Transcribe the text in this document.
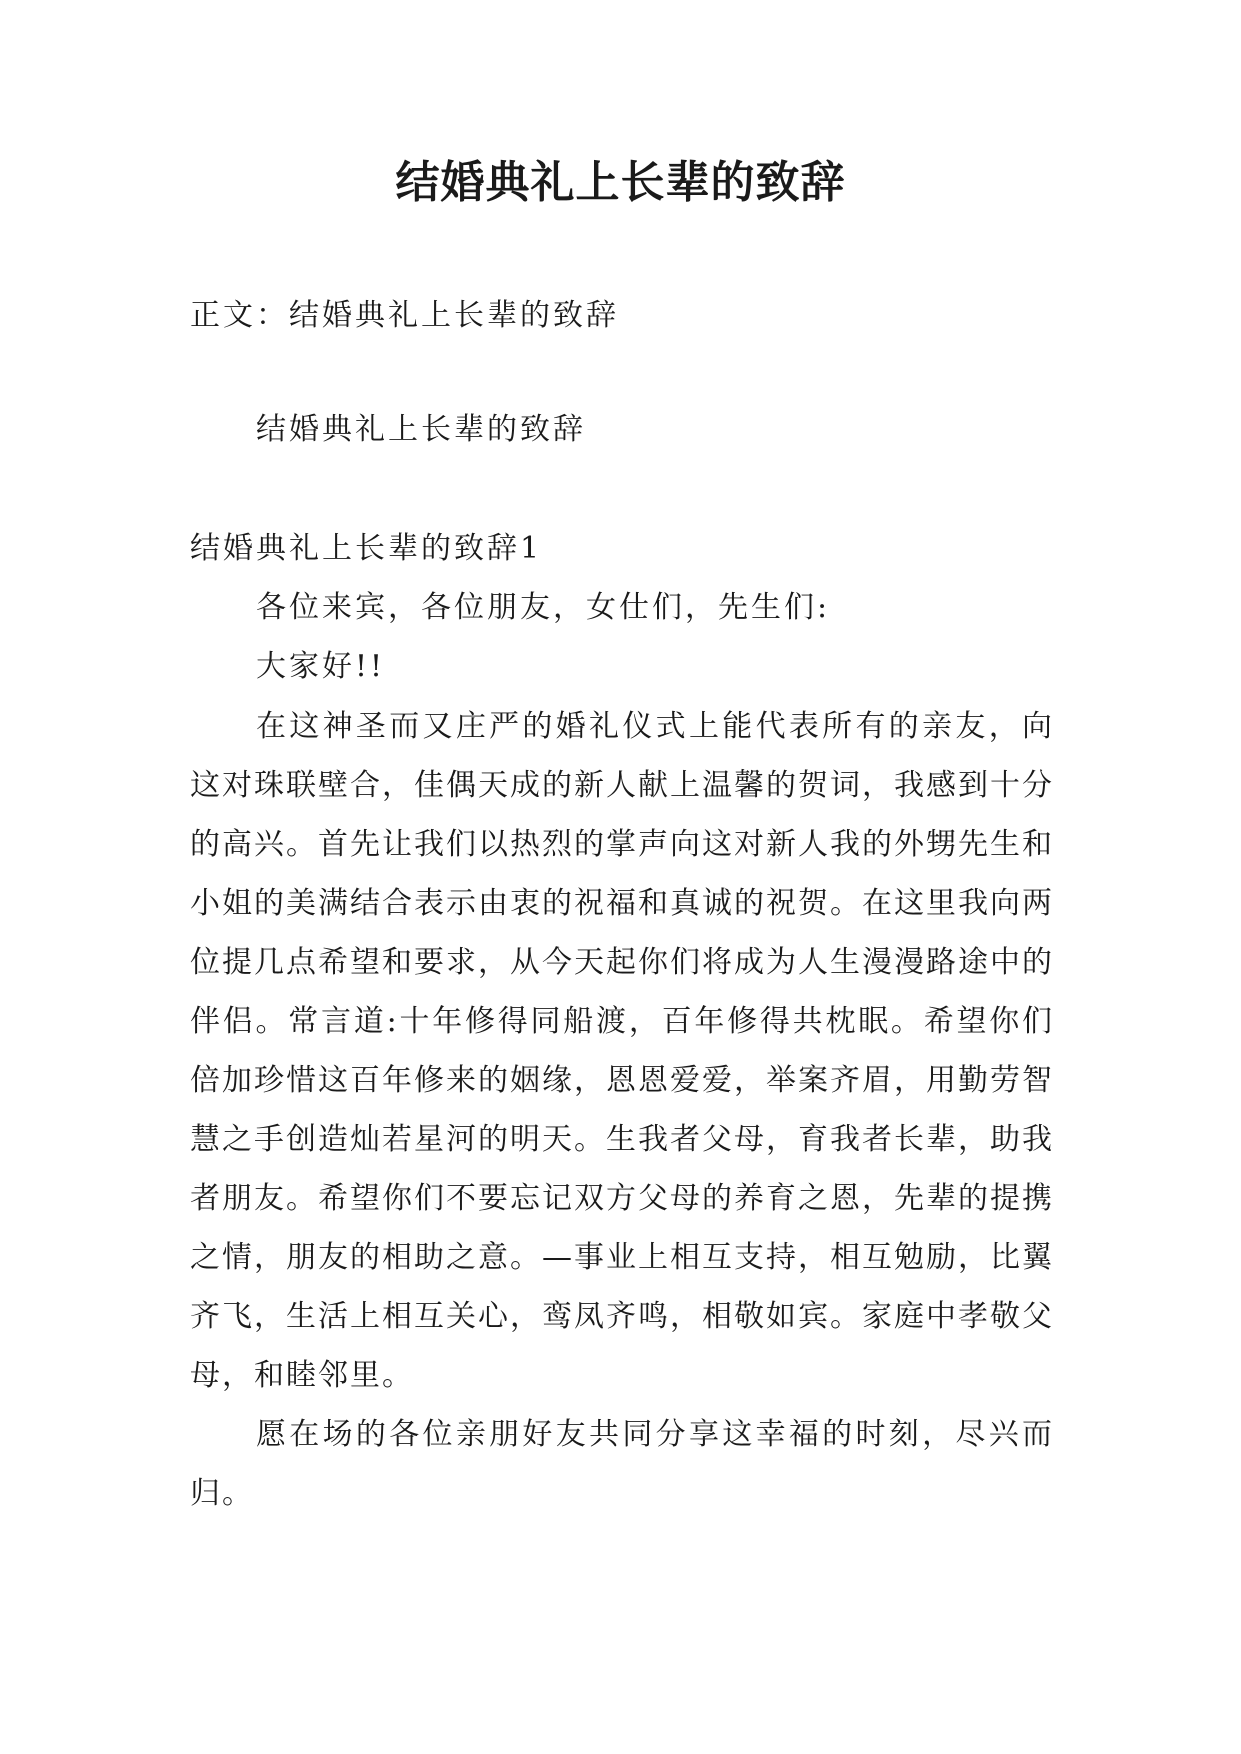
结婚典礼上长辈的致辞
正文：结婚典礼上长辈的致辞
结婚典礼上长辈的致辞
结婚典礼上长辈的致辞1
各位来宾，各位朋友，女仕们，先生们:
大家好!!

在这神圣而又庄严的婚礼仪式上能代表所有的亲友，向这对珠联壁合，佳偶天成的新人献上温馨的贺词，我感到十分的高兴。首先让我们以热烈的掌声向这对新人我的外甥先生和小姐的美满结合表示由衷的祝福和真诚的祝贺。在这里我向两位提几点希望和要求，从今天起你们将成为人生漫漫路途中的伴侣。常言道:十年修得同船渡，百年修得共枕眠。希望你们倍加珍惜这百年修来的姻缘，恩恩爱爱，举案齐眉，用勤劳智慧之手创造灿若星河的明天。生我者父母，育我者长辈，助我者朋友。希望你们不要忘记双方父母的养育之恩，先辈的提携之情，朋友的相助之意。—事业上相互支持，相互勉励，比翼齐飞，生活上相互关心，鸾凤齐鸣，相敬如宾。家庭中孝敬父母，和睦邻里。

愿在场的各位亲朋好友共同分享这幸福的时刻，尽兴而归。
